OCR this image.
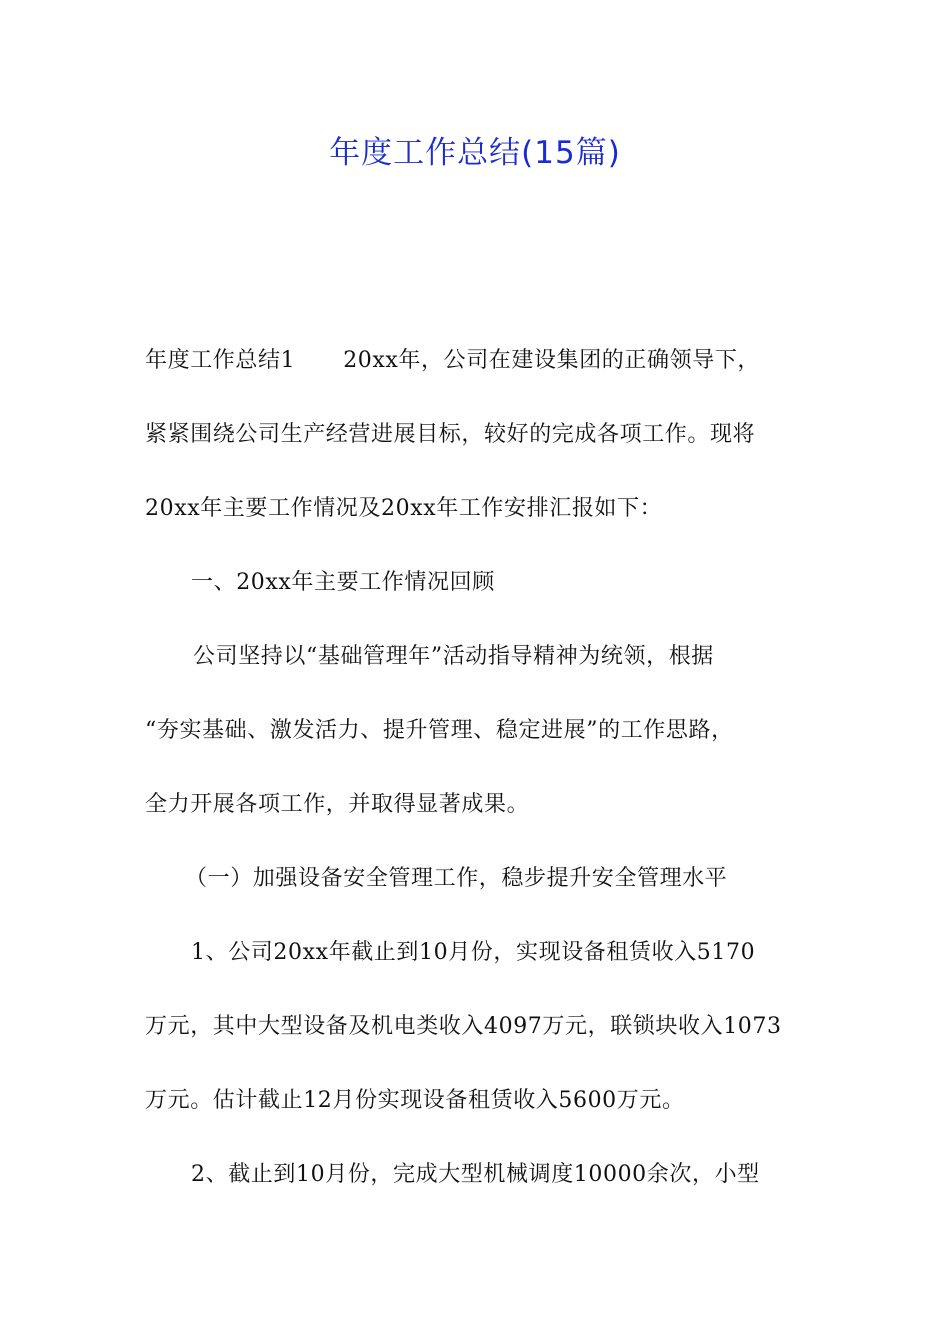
年度工作总结(15篇)
年度工作总结1 20xx年，公司在建设集团的正确领导下，
紧紧围绕公司生产经营进展目标，较好的完成各项工作。现将
20xx年主要工作情况及20xx年工作安排汇报如下：
一、20xx年主要工作情况回顾
公司坚持以“基础管理年”活动指导精神为统领，根据
“夯实基础、激发活力、提升管理、稳定进展”的工作思路，
全力开展各项工作，并取得显著成果。
（一）加强设备安全管理工作，稳步提升安全管理水平
1、公司20xx年截止到10月份，实现设备租赁收入5170
万元，其中大型设备及机电类收入4097万元，联锁块收入1073
万元。估计截止12月份实现设备租赁收入5600万元。
2、截止到10月份，完成大型机械调度10000余次，小型
